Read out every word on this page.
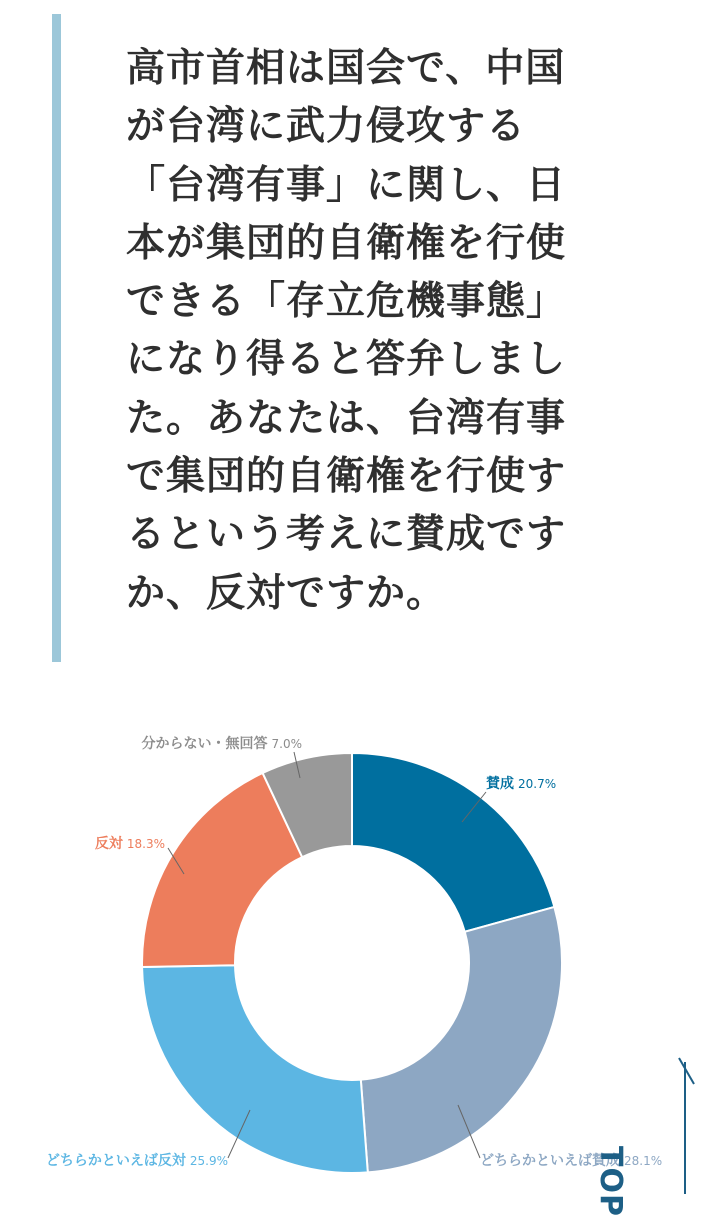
高市首相は国会で、中国
が台湾に武力侵攻する
「台湾有事」に関し、日
本が集団的自衛権を行使
できる「存立危機事態」
になり得ると答弁しまし
た。あなたは、台湾有事
で集団的自衛権を行使す
るという考えに賛成です
か、反対ですか。

賛成 20.7%
どちらかといえば賛成 28.1%
どちらかといえば反対 25.9%
反対 18.3%
分からない・無回答 7.0%
TOP
